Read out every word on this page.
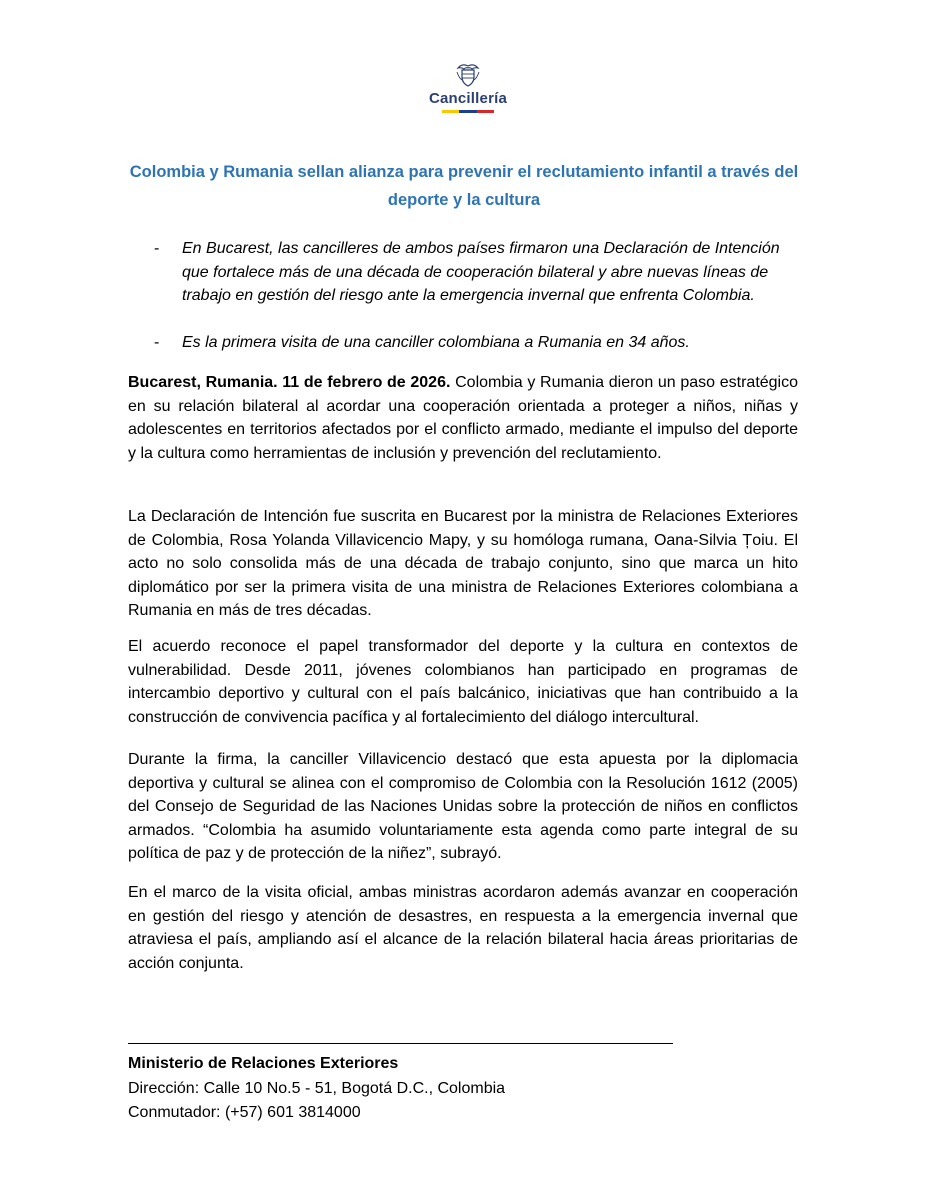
Cancillería
Colombia y Rumania sellan alianza para prevenir el reclutamiento infantil a través del deporte y la cultura
- En Bucarest, las cancilleres de ambos países firmaron una Declaración de Intención que fortalece más de una década de cooperación bilateral y abre nuevas líneas de trabajo en gestión del riesgo ante la emergencia invernal que enfrenta Colombia.
- Es la primera visita de una canciller colombiana a Rumania en 34 años.

Bucarest, Rumania. 11 de febrero de 2026. Colombia y Rumania dieron un paso estratégico en su relación bilateral al acordar una cooperación orientada a proteger a niños, niñas y adolescentes en territorios afectados por el conflicto armado, mediante el impulso del deporte y la cultura como herramientas de inclusión y prevención del reclutamiento.

La Declaración de Intención fue suscrita en Bucarest por la ministra de Relaciones Exteriores de Colombia, Rosa Yolanda Villavicencio Mapy, y su homóloga rumana, Oana-Silvia Țoiu. El acto no solo consolida más de una década de trabajo conjunto, sino que marca un hito diplomático por ser la primera visita de una ministra de Relaciones Exteriores colombiana a Rumania en más de tres décadas.

El acuerdo reconoce el papel transformador del deporte y la cultura en contextos de vulnerabilidad. Desde 2011, jóvenes colombianos han participado en programas de intercambio deportivo y cultural con el país balcánico, iniciativas que han contribuido a la construcción de convivencia pacífica y al fortalecimiento del diálogo intercultural.

Durante la firma, la canciller Villavicencio destacó que esta apuesta por la diplomacia deportiva y cultural se alinea con el compromiso de Colombia con la Resolución 1612 (2005) del Consejo de Seguridad de las Naciones Unidas sobre la protección de niños en conflictos armados. “Colombia ha asumido voluntariamente esta agenda como parte integral de su política de paz y de protección de la niñez”, subrayó.

En el marco de la visita oficial, ambas ministras acordaron además avanzar en cooperación en gestión del riesgo y atención de desastres, en respuesta a la emergencia invernal que atraviesa el país, ampliando así el alcance de la relación bilateral hacia áreas prioritarias de acción conjunta.

Ministerio de Relaciones Exteriores
Dirección: Calle 10 No.5 - 51, Bogotá D.C., Colombia
Conmutador: (+57) 601 3814000
